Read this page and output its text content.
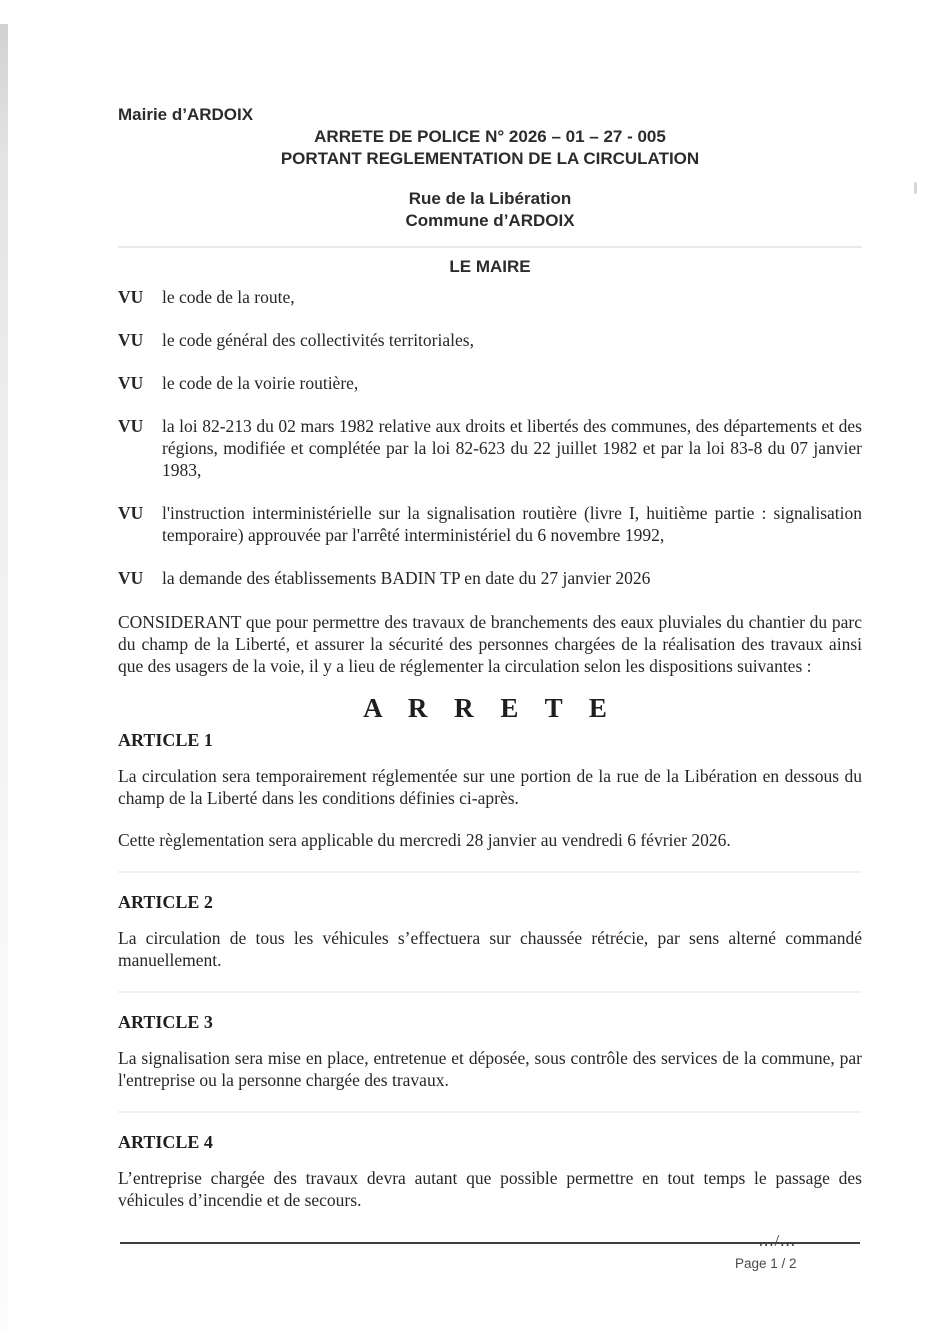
Mairie d’ARDOIX
ARRETE DE POLICE N° 2026 – 01 – 27 - 005
PORTANT REGLEMENTATION DE LA CIRCULATION
Rue de la Libération
Commune d’ARDOIX
LE MAIRE
VU	le code de la route,
VU	le code général des collectivités territoriales,
VU	le code de la voirie routière,
VU	la loi 82-213 du 02 mars 1982 relative aux droits et libertés des communes, des départements et des régions, modifiée et complétée par la loi 82-623 du 22 juillet 1982 et par la loi 83-8 du 07 janvier 1983,
VU	l'instruction interministérielle sur la signalisation routière (livre I, huitième partie : signalisation temporaire) approuvée par l'arrêté interministériel du 6 novembre 1992,
VU	la demande des établissements BADIN TP en date du 27 janvier 2026
CONSIDERANT que pour permettre des travaux de branchements des eaux pluviales du chantier du parc du champ de la Liberté, et assurer la sécurité des personnes chargées de la réalisation des travaux ainsi que des usagers de la voie, il y a lieu de réglementer la circulation selon les dispositions suivantes :
A R R E T E
ARTICLE 1

La circulation sera temporairement réglementée sur une portion de la rue de la Libération en dessous du champ de la Liberté dans les conditions définies ci-après.

Cette règlementation sera applicable du mercredi 28 janvier au vendredi 6 février 2026.

ARTICLE 2

La circulation de tous les véhicules s’effectuera sur chaussée rétrécie, par sens alterné commandé manuellement.

ARTICLE 3

La signalisation sera mise en place, entretenue et déposée, sous contrôle des services de la commune, par l'entreprise ou la personne chargée des travaux.

ARTICLE 4

L’entreprise chargée des travaux devra autant que possible permettre en tout temps le passage des véhicules d’incendie et de secours.

.../...
Page 1 / 2
